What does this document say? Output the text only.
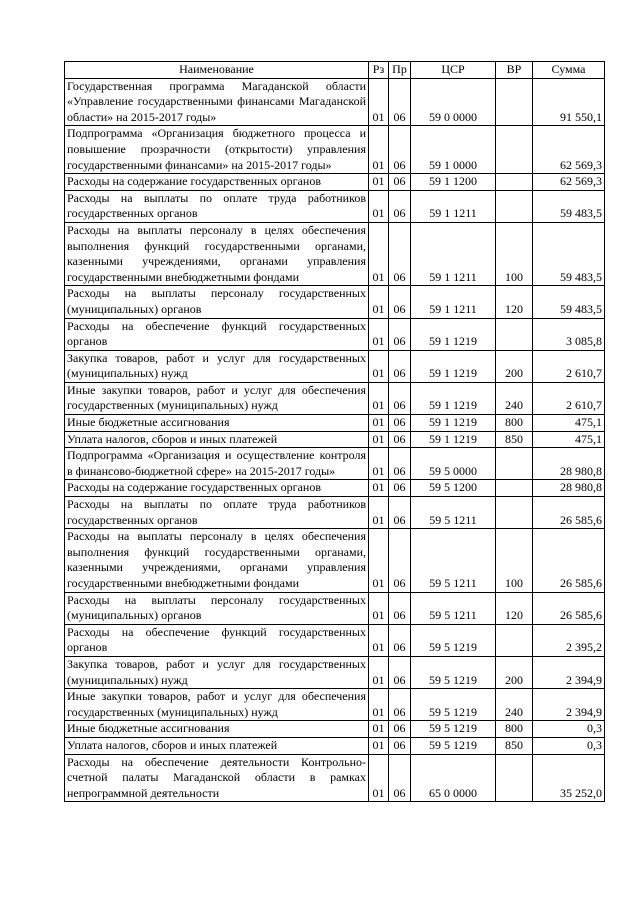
Наименование	Рз	Пр	ЦСР	ВР	Сумма
Государственная программа Магаданской области «Управление государственными финансами Магаданской области» на 2015-2017 годы»	01	06	59 0 0000		91 550,1
Подпрограмма «Организация бюджетного процесса и повышение прозрачности (открытости) управления государственными финансами» на 2015-2017 годы»	01	06	59 1 0000		62 569,3
Расходы на содержание государственных органов	01	06	59 1 1200		62 569,3
Расходы на выплаты по оплате труда работников государственных органов	01	06	59 1 1211		59 483,5
Расходы на выплаты персоналу в целях обеспечения выполнения функций государственными органами, казенными учреждениями, органами управления государственными внебюджетными фондами	01	06	59 1 1211	100	59 483,5
Расходы на выплаты персоналу государственных (муниципальных) органов	01	06	59 1 1211	120	59 483,5
Расходы на обеспечение функций государственных органов	01	06	59 1 1219		3 085,8
Закупка товаров, работ и услуг для государственных (муниципальных) нужд	01	06	59 1 1219	200	2 610,7
Иные закупки товаров, работ и услуг для обеспечения государственных (муниципальных) нужд	01	06	59 1 1219	240	2 610,7
Иные бюджетные ассигнования	01	06	59 1 1219	800	475,1
Уплата налогов, сборов и иных платежей	01	06	59 1 1219	850	475,1
Подпрограмма «Организация и осуществление контроля в финансово-бюджетной сфере» на 2015-2017 годы»	01	06	59 5 0000		28 980,8
Расходы на содержание государственных органов	01	06	59 5 1200		28 980,8
Расходы на выплаты по оплате труда работников государственных органов	01	06	59 5 1211		26 585,6
Расходы на выплаты персоналу в целях обеспечения выполнения функций государственными органами, казенными учреждениями, органами управления государственными внебюджетными фондами	01	06	59 5 1211	100	26 585,6
Расходы на выплаты персоналу государственных (муниципальных) органов	01	06	59 5 1211	120	26 585,6
Расходы на обеспечение функций государственных органов	01	06	59 5 1219		2 395,2
Закупка товаров, работ и услуг для государственных (муниципальных) нужд	01	06	59 5 1219	200	2 394,9
Иные закупки товаров, работ и услуг для обеспечения государственных (муниципальных) нужд	01	06	59 5 1219	240	2 394,9
Иные бюджетные ассигнования	01	06	59 5 1219	800	0,3
Уплата налогов, сборов и иных платежей	01	06	59 5 1219	850	0,3
Расходы на обеспечение деятельности Контрольно-счетной палаты Магаданской области в рамках непрограммной деятельности	01	06	65 0 0000		35 252,0
